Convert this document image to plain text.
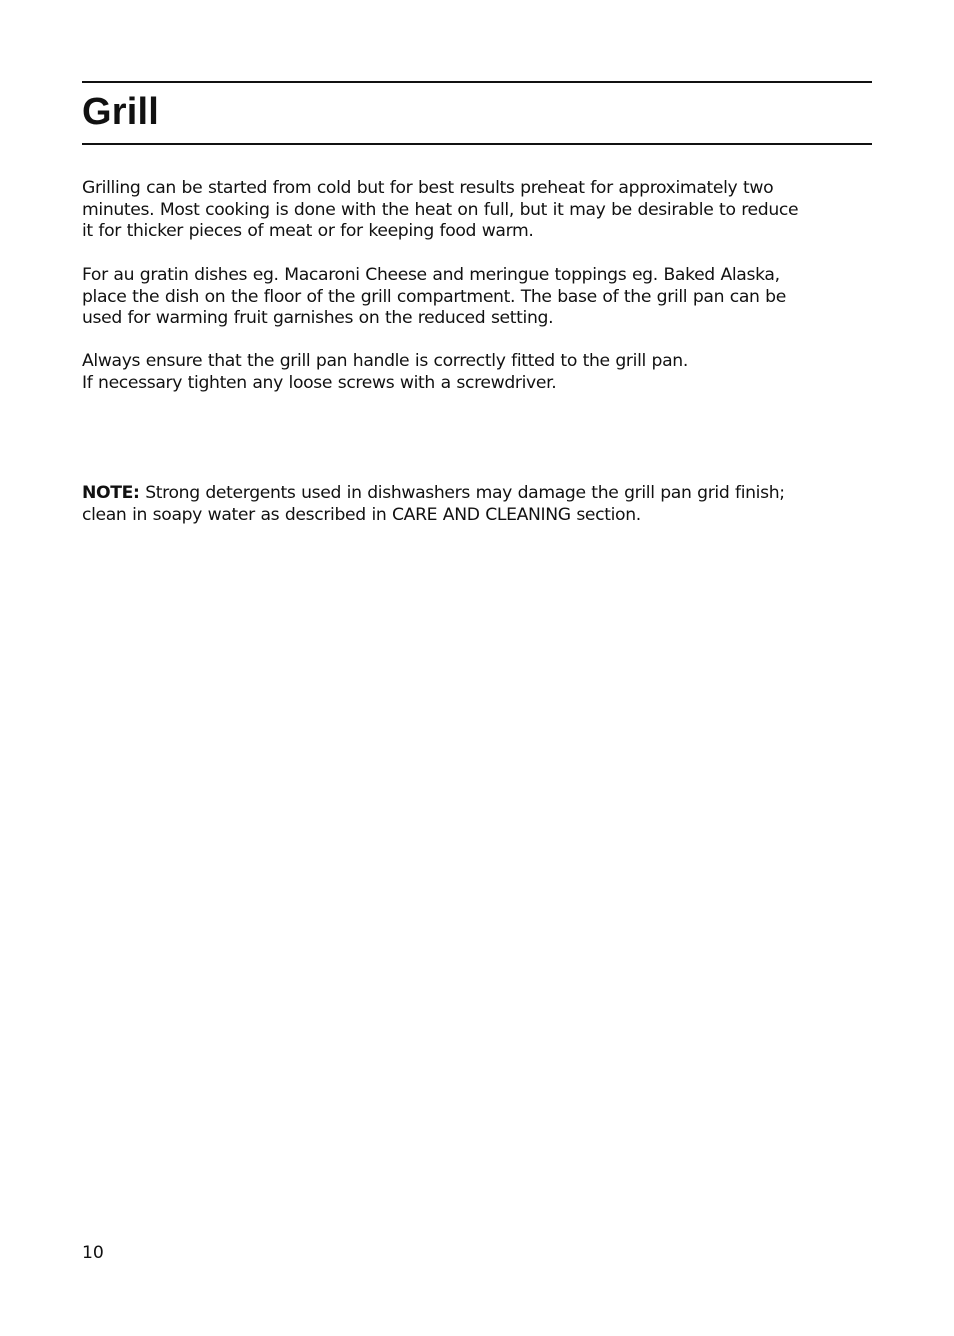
Grill

Grilling can be started from cold but for best results preheat for approximately two
minutes. Most cooking is done with the heat on full, but it may be desirable to reduce
it for thicker pieces of meat or for keeping food warm.

For au gratin dishes eg. Macaroni Cheese and meringue toppings eg. Baked Alaska,
place the dish on the floor of the grill compartment. The base of the grill pan can be
used for warming fruit garnishes on the reduced setting.

Always ensure that the grill pan handle is correctly fitted to the grill pan.
If necessary tighten any loose screws with a screwdriver.

NOTE: Strong detergents used in dishwashers may damage the grill pan grid finish;
clean in soapy water as described in CARE AND CLEANING section.

10
